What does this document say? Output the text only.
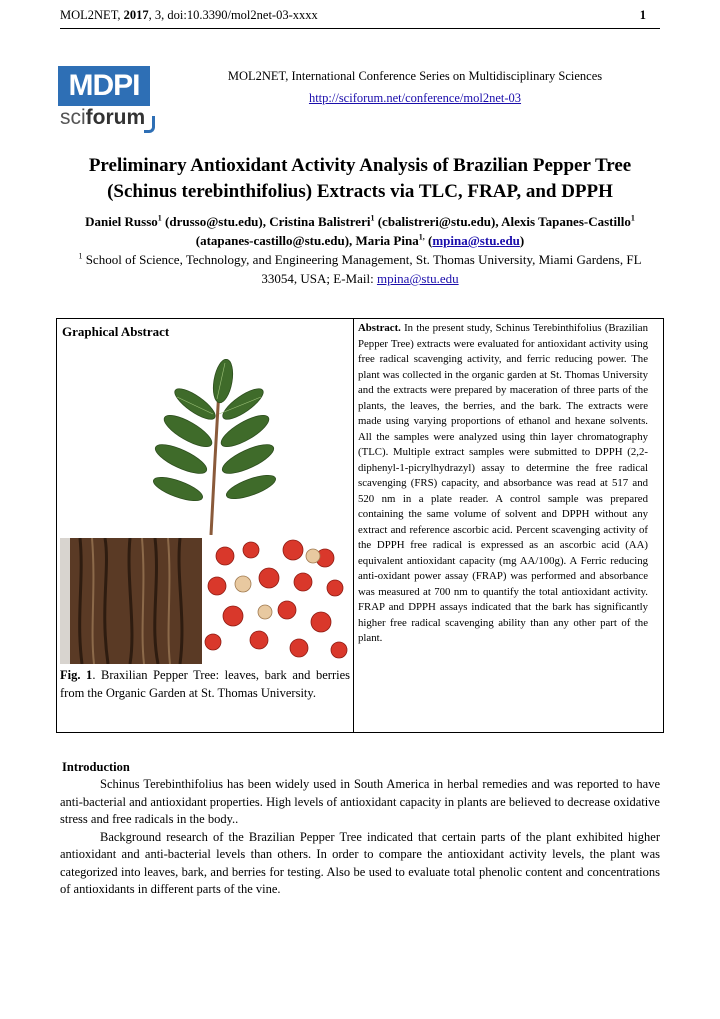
MOL2NET, 2017, 3, doi:10.3390/mol2net-03-xxxx	1
MDPI
sciforum
MOL2NET, International Conference Series on Multidisciplinary Sciences
http://sciforum.net/conference/mol2net-03
Preliminary Antioxidant Activity Analysis of Brazilian Pepper Tree
(Schinus terebinthifolius) Extracts via TLC, FRAP, and DPPH
Daniel Russo$^1$ (drusso@stu.edu), Cristina Balistreri$^1$ (cbalistreri@stu.edu), Alexis Tapanes-Castillo$^1$ (atapanes-castillo@stu.edu), Maria Pina$^{1,}$ (mpina@stu.edu)
$^1$ School of Science, Technology, and Engineering Management, St. Thomas University, Miami Gardens, FL 33054, USA; E-Mail: mpina@stu.edu
Graphical Abstract
Fig. 1. Braxilian Pepper Tree: leaves, bark and berries from the Organic Garden at St. Thomas University.
Abstract. In the present study, Schinus Terebinthifolius (Brazilian Pepper Tree) extracts were evaluated for antioxidant activity using free radical scavenging activity, and ferric reducing power. The plant was collected in the organic garden at St. Thomas University and the extracts were prepared by maceration of three parts of the plants, the leaves, the berries, and the bark. The extracts were made using varying proportions of ethanol and hexane solvents. All the samples were analyzed using thin layer chromatography (TLC). Multiple extract samples were submitted to DPPH (2,2-diphenyl-1-picrylhydrazyl) assay to determine the free radical scavenging (FRS) capacity, and absorbance was read at 517 and 520 nm in a plate reader. A control sample was prepared containing the same volume of solvent and DPPH without any extract and reference ascorbic acid. Percent scavenging activity of the DPPH free radical is expressed as an ascorbic acid (AA) equivalent antioxidant capacity (mg AA/100g). A Ferric reducing anti-oxidant power assay (FRAP) was performed and absorbance was measured at 700 nm to quantify the total antioxidant activity. FRAP and DPPH assays indicated that the bark has significantly higher free radical scavenging ability than any other part of the plant.
Introduction

Schinus Terebinthifolius has been widely used in South America in herbal remedies and was reported to have anti-bacterial and antioxidant properties. High levels of antioxidant capacity in plants are believed to decrease oxidative stress and free radicals in the body..

Background research of the Brazilian Pepper Tree indicated that certain parts of the plant exhibited higher antioxidant and anti-bacterial levels than others. In order to compare the antioxidant activity levels, the plant was categorized into leaves, bark, and berries for testing. Also be used to evaluate total phenolic content and concentrations of antioxidants in different parts of the vine.
